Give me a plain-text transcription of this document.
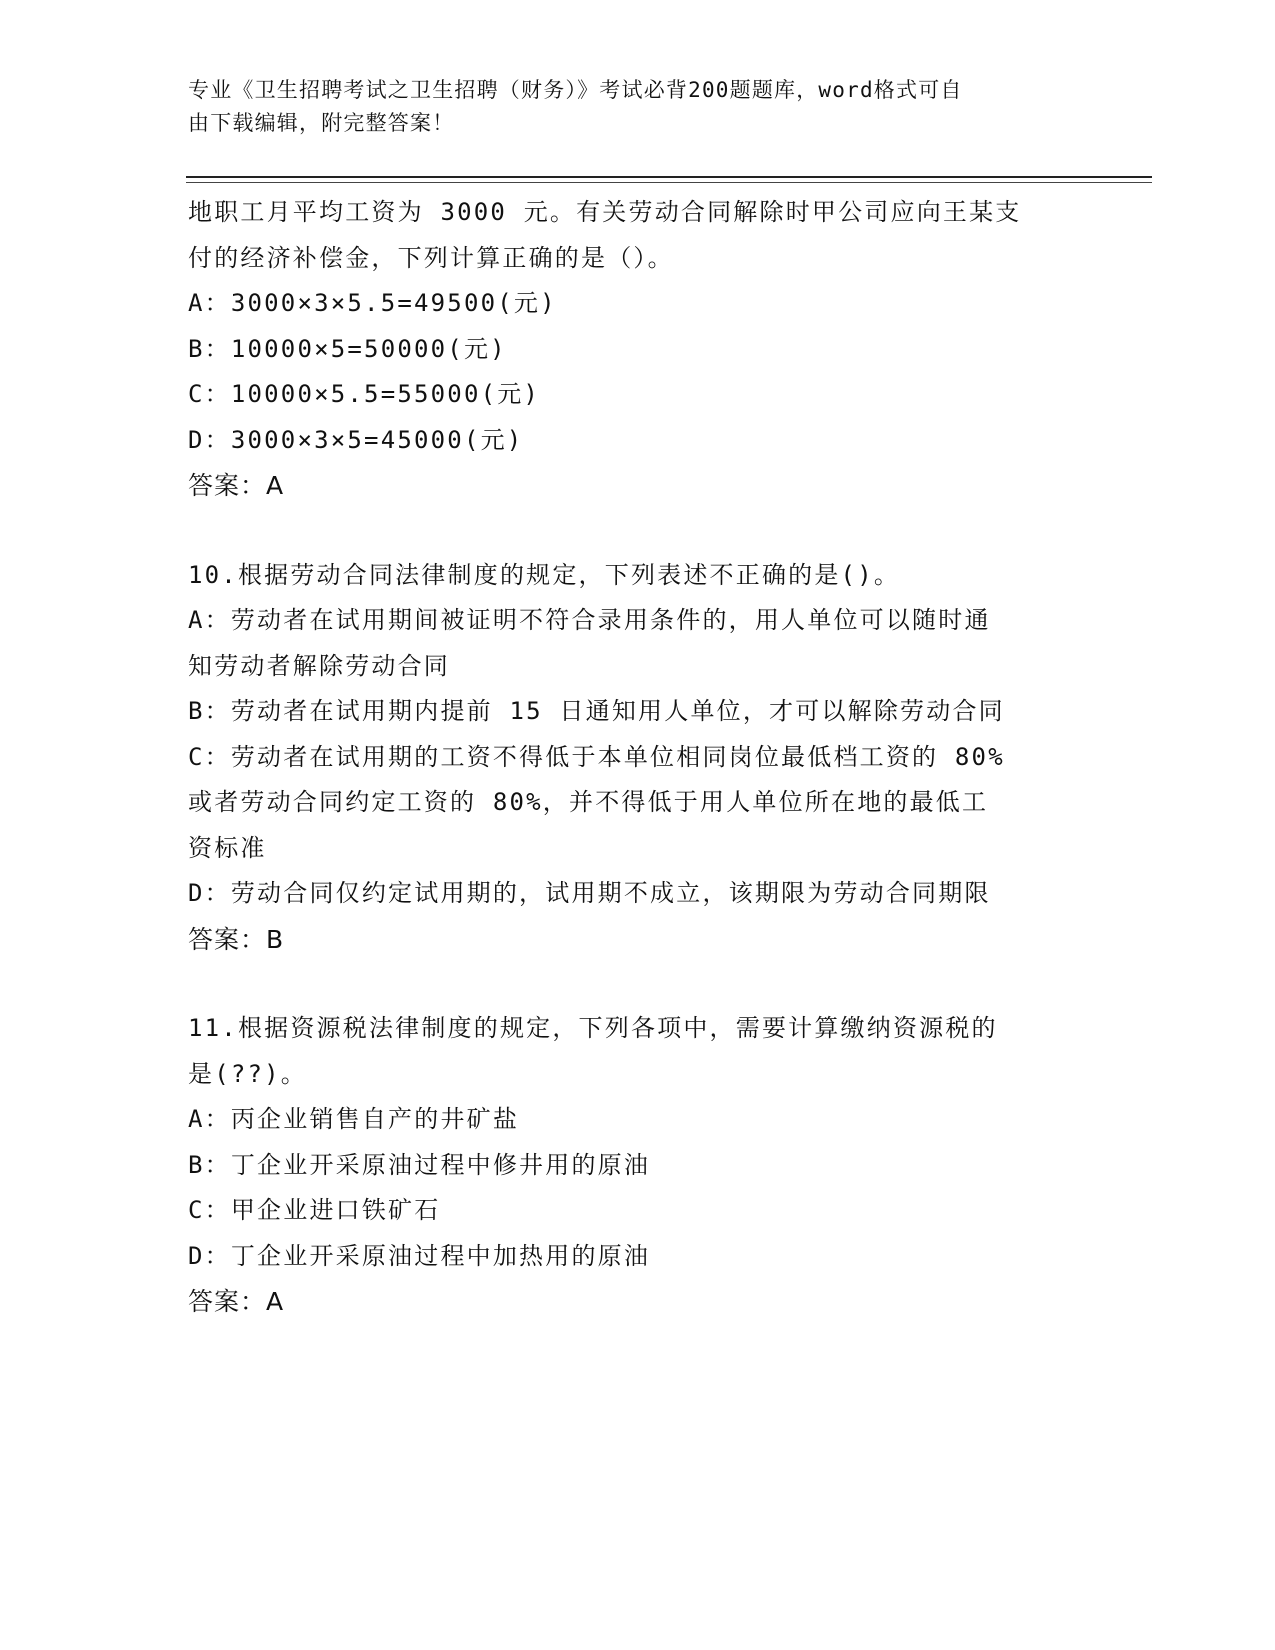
专业《卫生招聘考试之卫生招聘（财务）》考试必背200题题库，word格式可自
由下载编辑，附完整答案！
地职工月平均工资为 3000 元。有关劳动合同解除时甲公司应向王某支
付的经济补偿金，下列计算正确的是（）。
A：3000×3×5.5=49500(元)
B：10000×5=50000(元)
C：10000×5.5=55000(元)
D：3000×3×5=45000(元)
答案：A
10.根据劳动合同法律制度的规定，下列表述不正确的是()。
A：劳动者在试用期间被证明不符合录用条件的，用人单位可以随时通
知劳动者解除劳动合同
B：劳动者在试用期内提前 15 日通知用人单位，才可以解除劳动合同
C：劳动者在试用期的工资不得低于本单位相同岗位最低档工资的 80%
或者劳动合同约定工资的 80%，并不得低于用人单位所在地的最低工
资标准
D：劳动合同仅约定试用期的，试用期不成立，该期限为劳动合同期限
答案：B
11.根据资源税法律制度的规定，下列各项中，需要计算缴纳资源税的
是(??)。
A：丙企业销售自产的井矿盐
B：丁企业开采原油过程中修井用的原油
C：甲企业进口铁矿石
D：丁企业开采原油过程中加热用的原油
答案：A
